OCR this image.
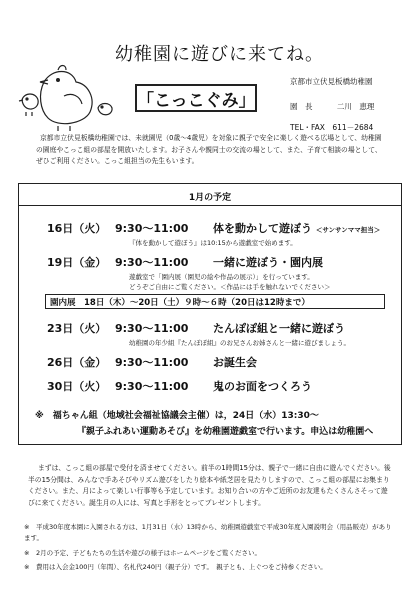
幼稚園に遊びに来てね。
「こっこぐみ」
京都市立伏見板橋幼稚園
園　長	二川　恵理
TEL・FAX　611－2684
京都市立伏見板橋幼稚園では、未就園児（0歳～4歳児）を対象に親子で安全に楽しく遊べる広場として、幼稚園の園庭やこっこ組の部屋を開放いたします。お子さんや親同士の交流の場として、また、子育て相談の場として、ぜひご利用ください。こっこ組担当の先生もいます。
1月の予定
16日（火） 9:30～11:00 体を動かして遊ぼう ＜サンサンママ担当＞
『体を動かして遊ぼう』は10:15から遊戯室で始めます。
19日（金） 9:30～11:00 一緒に遊ぼう・園内展
遊戯室で「園内展（園児の絵や作品の展示）」を行っています。
どうぞご自由にご覧ください。＜作品には手を触れないでください＞
園内展　18日（木）～20日（土）９時～６時（20日は12時まで）
23日（火） 9:30～11:00 たんぽぽ組と一緒に遊ぼう
幼稚園の年少組『たんぽぽ組』のお兄さんお姉さんと一緒に遊びましょう。
26日（金） 9:30～11:00 お誕生会
30日（火） 9:30～11:00 鬼のお面をつくろう
※　福ちゃん組（地域社会福祉協議会主催）は，24日（水）13:30～
『親子ふれあい運動あそび』を幼稚園遊戯室で行います。申込は幼稚園へ
まずは、こっこ組の部屋で受付を済ませてください。前半の1時間15分は、親子で一緒に自由に遊んでください。後半の15分間は、みんなで手あそびやリズム遊びをしたり絵本や紙芝居を見たりしますので、こっこ組の部屋にお集まりください。また、月によって楽しい行事等も予定しています。お知り合いの方やご近所のお友達もたくさんさそって遊びに来てください。誕生月の人には、写真と手形をとってプレゼントします。
※　平成30年度本園に入園される方は、1月31日（水）13時から、幼稚園遊戯室で平成30年度入園説明会（用品販売）があります。
※　2月の予定、子どもたちの生活や遊びの様子はホームページをご覧ください。
※　費用は入会金100円（年間）、名札代240円（親子分）です。　親子とも、上ぐつをご持参ください。
